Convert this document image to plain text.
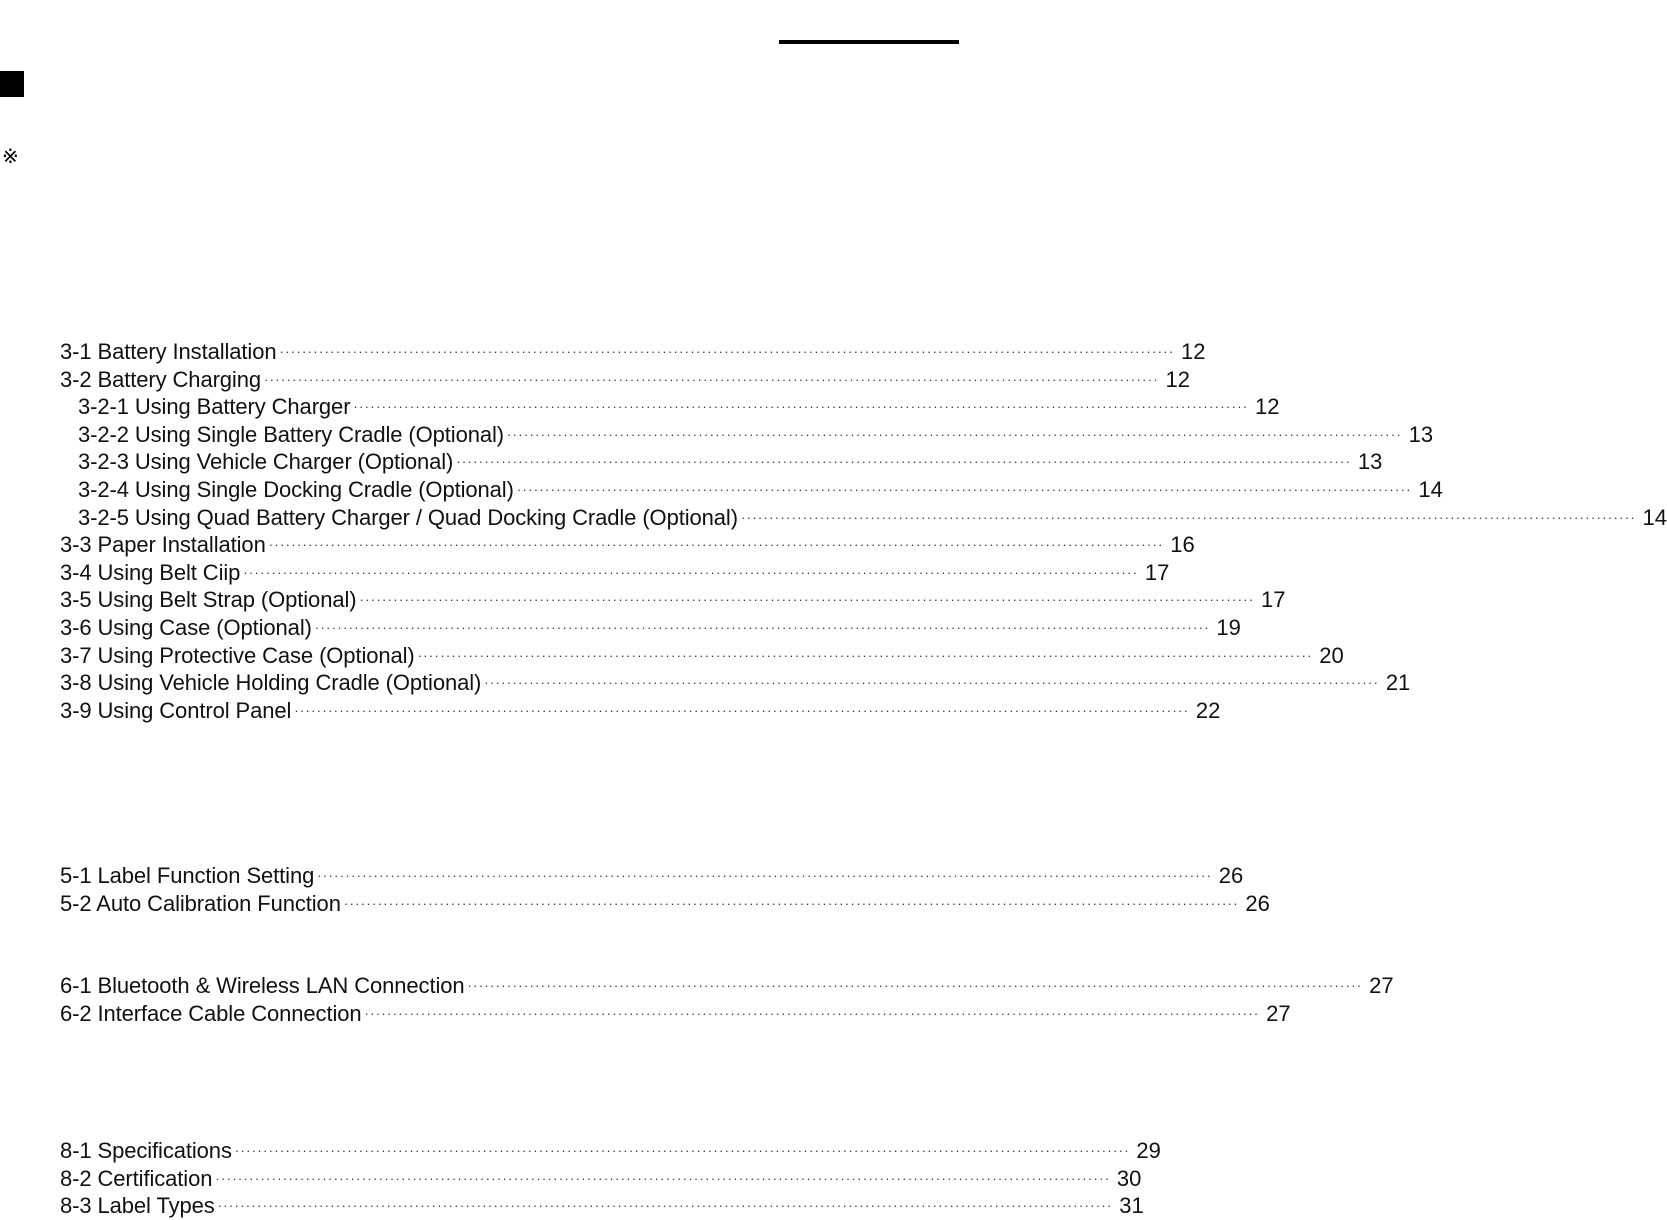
※
3-1 Battery Installation ······························································································································································· 12
3-2 Battery Charging ······························································································································································· 12
3-2-1 Using Battery Charger ······························································································································································· 12
3-2-2 Using Single Battery Cradle (Optional) ······························································································································································· 13
3-2-3 Using Vehicle Charger (Optional) ······························································································································································· 13
3-2-4 Using Single Docking Cradle (Optional) ······························································································································································· 14
3-2-5 Using Quad Battery Charger / Quad Docking Cradle (Optional) ······························································································································································· 14
3-3 Paper Installation ······························································································································································· 16
3-4 Using Belt Ciip ······························································································································································· 17
3-5 Using Belt Strap (Optional) ······························································································································································· 17
3-6 Using Case (Optional) ······························································································································································· 19
3-7 Using Protective Case (Optional) ······························································································································································· 20
3-8 Using Vehicle Holding Cradle (Optional) ······························································································································································· 21
3-9 Using Control Panel ······························································································································································· 22
5-1 Label Function Setting ······························································································································································· 26
5-2 Auto Calibration Function ······························································································································································· 26
6-1 Bluetooth & Wireless LAN Connection ······························································································································································· 27
6-2 Interface Cable Connection ······························································································································································· 27
8-1 Specifications ······························································································································································· 29
8-2 Certification ······························································································································································· 30
8-3 Label Types ······························································································································································· 31
